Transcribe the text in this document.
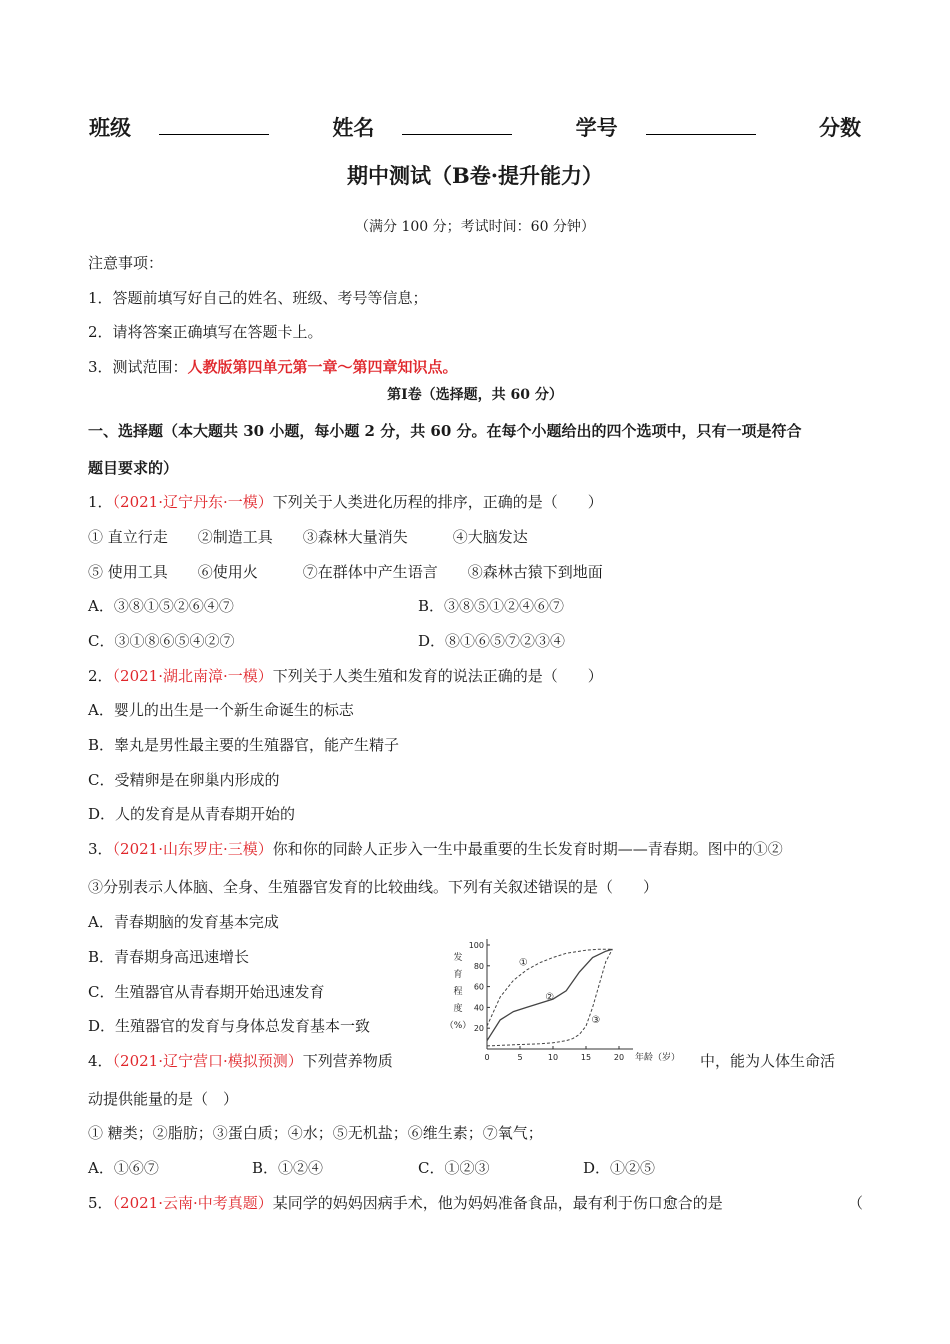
班级	姓名	学号	分数
期中测试（B卷·提升能力）
（满分 100 分；考试时间：60 分钟）
注意事项：
1．答题前填写好自己的姓名、班级、考号等信息；
2．请将答案正确填写在答题卡上。
3．测试范围：人教版第四单元第一章～第四章知识点。
第Ⅰ卷（选择题，共 60 分）
一、选择题（本大题共 30 小题，每小题 2 分，共 60 分。在每个小题给出的四个选项中，只有一项是符合
题目要求的）
1．（2021·辽宁丹东·一模）下列关于人类进化历程的排序，正确的是（　　）
① 直立行走　　②制造工具　　③森林大量消失　　　④大脑发达
⑤ 使用工具　　⑥使用火　　　⑦在群体中产生语言　　⑧森林古猿下到地面
A．③⑧①⑤②⑥④⑦	B．③⑧⑤①②④⑥⑦
C．③①⑧⑥⑤④②⑦	D．⑧①⑥⑤⑦②③④
2．（2021·湖北南漳·一模）下列关于人类生殖和发育的说法正确的是（　　）
A．婴儿的出生是一个新生命诞生的标志
B．睾丸是男性最主要的生殖器官，能产生精子
C．受精卵是在卵巢内形成的
D．人的发育是从青春期开始的
3．（2021·山东罗庄·三模）你和你的同龄人正步入一生中最重要的生长发育时期——青春期。图中的①②
③分别表示人体脑、全身、生殖器官发育的比较曲线。下列有关叙述错误的是（　　）
A．青春期脑的发育基本完成
B．青春期身高迅速增长
C．生殖器官从青春期开始迅速发育
D．生殖器官的发育与身体总发育基本一致
0	5	10	15	20
20
40
60
80
100
发
育
程
度
（%）
年龄（岁）
①
②
③
4．（2021·辽宁营口·模拟预测）下列营养物质	中，能为人体生命活
动提供能量的是（　）
① 糖类；②脂肪；③蛋白质；④水；⑤无机盐；⑥维生素；⑦氧气；
A．①⑥⑦	B．①②④	C．①②③	D．①②⑤
5．（2021·云南·中考真题）某同学的妈妈因病手术，他为妈妈准备食品，最有利于伤口愈合的是	（
